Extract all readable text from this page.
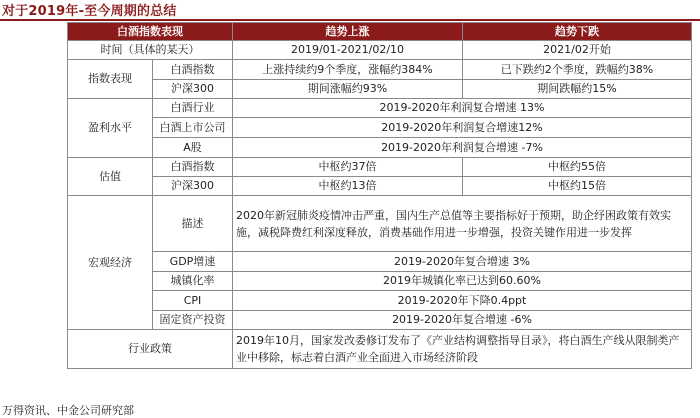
对于2019年-至今周期的总结
白酒指数表现		趋势上涨	趋势下跌
时间（具体的某天）		2019/01-2021/02/10	2021/02开始
指数表现	白酒指数	上涨持续约9个季度，涨幅约384%	已下跌约2个季度，跌幅约38%
	沪深300	期间涨幅约93%	期间跌幅约15%
盈利水平	白酒行业	2019-2020年利润复合增速 13%	
	白酒上市公司	2019-2020年利润复合增速12%	
	A股	2019-2020年利润复合增速 -7%	
估值	白酒指数	中枢约37倍	中枢约55倍
	沪深300	中枢约13倍	中枢约15倍
宏观经济	描述	2020年新冠肺炎疫情冲击严重，国内生产总值等主要指标好于预期，助企纾困政策有效实施，减税降费红利深度释放，消费基础作用进一步增强，投资关键作用进一步发挥	
	GDP增速	2019-2020年复合增速 3%	
	城镇化率	2019年城镇化率已达到60.60%	
	CPI	2019-2020年下降0.4ppt	
	固定资产投资	2019-2020年复合增速 -6%	
行业政策		2019年10月，国家发改委修订发布了《产业结构调整指导目录》，将白酒生产线从限制类产业中移除，标志着白酒产业全面进入市场经济阶段	
万得资讯、中金公司研究部
